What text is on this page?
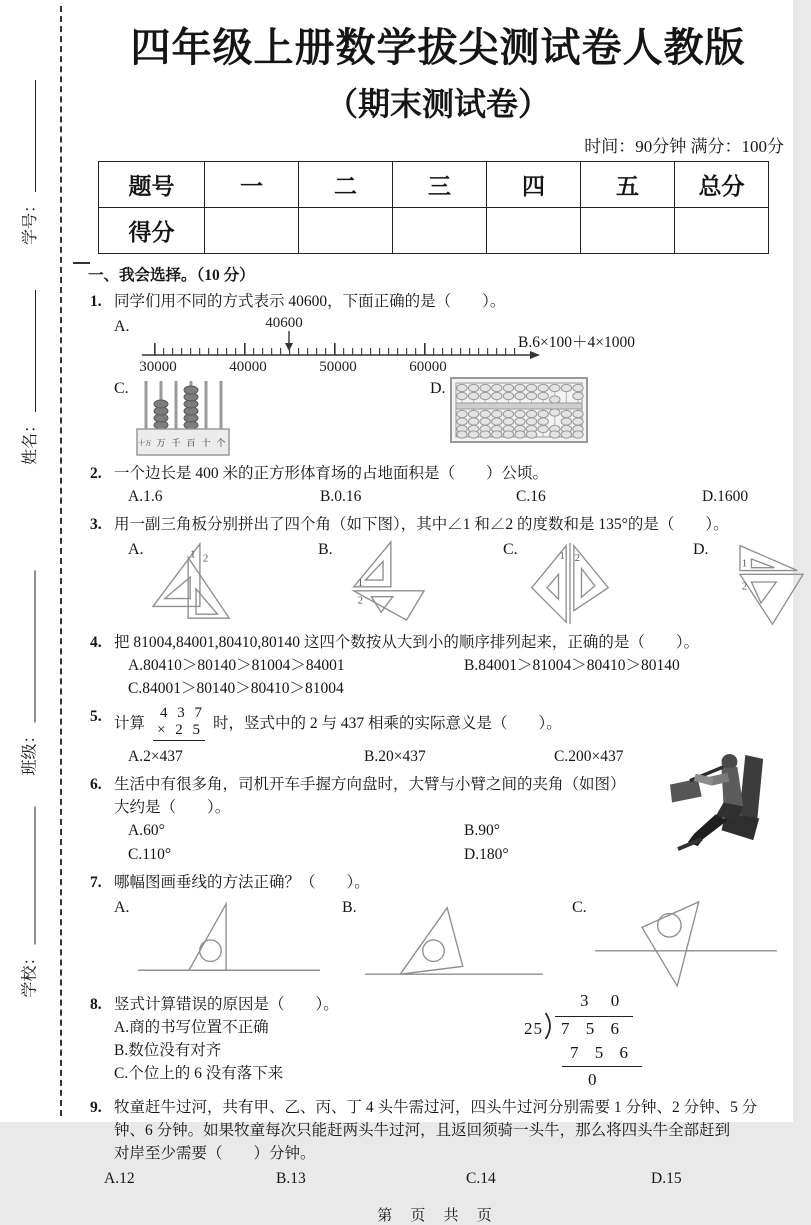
学号：
姓名：
班级：
学校：
四年级上册数学拔尖测试卷人教版
（期末测试卷）
时间：90分钟 满分：100分
题号	一	二	三	四	五	总分
得分						
一、我会选择。（10 分）
1. 同学们用不同的方式表示 40600，下面正确的是（　　）。
A.	40600
30000	40000	50000	60000
B.6×100＋4×1000
C.
十万 万 千 百 十 个
D.
2. 一个边长是 400 米的正方形体育场的占地面积是（　　）公顷。
A.1.6	B.0.16	C.16	D.1600
3. 用一副三角板分别拼出了四个角（如下图），其中∠1 和∠2 的度数和是 135°的是（　　）。
A.	1 2
B.
1
2
C.	1 2
D.
1
2
4. 把 81004,84001,80410,80140 这四个数按从大到小的顺序排列起来，正确的是（　　）。
A.80410＞80140＞81004＞84001	B.84001＞81004＞80410＞80140
C.84001＞80140＞80410＞81004
5. 计算
4 3 7
× 2 5 时，竖式中的 2 与 437 相乘的实际意义是（　　）。
A.2×437	B.20×437	C.200×437
6. 生活中有很多角，司机开车手握方向盘时，大臂与小臂之间的夹角（如图）
大约是（　　）。
A.60°	B.90°
C.110°	D.180°
7. 哪幅图画垂线的方法正确？（　　）。
A.	B.	C.
8. 竖式计算错误的原因是（　　）。
A.商的书写位置不正确
B.数位没有对齐
C.个位上的 6 没有落下来
3 0
25	7 5 6
7 5 6
0
9. 牧童赶牛过河，共有甲、乙、丙、丁 4 头牛需过河，四头牛过河分别需要 1 分钟、2 分钟、5 分
钟、6 分钟。如果牧童每次只能赶两头牛过河，且返回须骑一头牛，那么将四头牛全部赶到
对岸至少需要（　　）分钟。
A.12	B.13	C.14	D.15
第 页 共 页
